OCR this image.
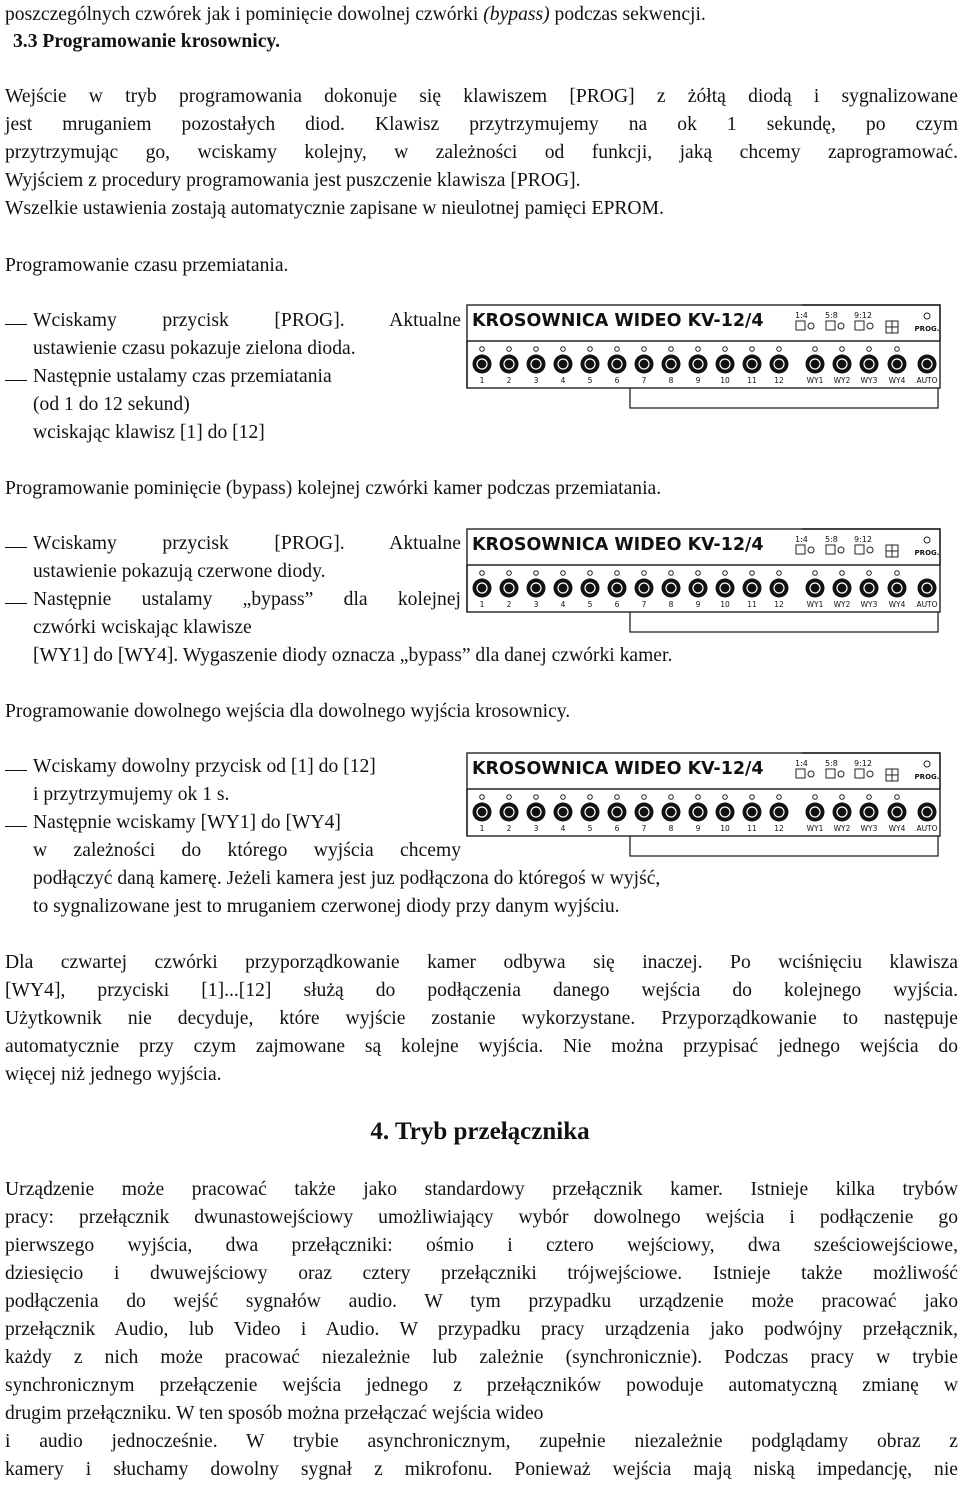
poszczególnych czwórek jak i pominięcie dowolnej czwórki (bypass) podczas sekwencji.
3.3 Programowanie krosownicy.
Wejście w tryb programowania dokonuje się klawiszem [PROG] z żółtą diodą i sygnalizowane
jest mruganiem pozostałych diod. Klawisz przytrzymujemy na ok 1 sekundę, po czym
przytrzymując go, wciskamy kolejny, w zależności od funkcji, jaką chcemy zaprogramować.
Wyjściem z procedury programowania jest puszczenie klawisza [PROG].
Wszelkie ustawienia zostają automatycznie zapisane w nieulotnej pamięci EPROM.
Programowanie czasu przemiatania.
Wciskamy przycisk [PROG]. Aktualne
ustawienie czasu pokazuje zielona dioda.
Następnie ustalamy czas przemiatania
(od 1 do 12 sekund)
wciskając klawisz [1] do [12]
KROSOWNICA WIDEO KV-12/4	1:4 5:8 9:12
PROG.
1	2	3	4	5	6	7	8	9	10 11 12	WY1 WY2 WY3 WY4 AUTO
Programowanie pominięcie (bypass) kolejnej czwórki kamer podczas przemiatania.
Wciskamy przycisk [PROG]. Aktualne
ustawienie pokazują czerwone diody.
Następnie ustalamy „bypass” dla kolejnej
czwórki wciskając klawisze
[WY1] do [WY4]. Wygaszenie diody oznacza „bypass” dla danej czwórki kamer.
KROSOWNICA WIDEO KV-12/4	1:4 5:8 9:12
PROG.
1	2	3	4	5	6	7	8	9	10 11 12	WY1 WY2 WY3 WY4 AUTO
Programowanie dowolnego wejścia dla dowolnego wyjścia krosownicy.
Wciskamy dowolny przycisk od [1] do [12]
i przytrzymujemy ok 1 s.
Następnie wciskamy [WY1] do [WY4]
w zależności do którego wyjścia chcemy
podłączyć daną kamerę. Jeżeli kamera jest juz podłączona do któregoś w wyjść,
to sygnalizowane jest to mruganiem czerwonej diody przy danym wyjściu.
KROSOWNICA WIDEO KV-12/4	1:4 5:8 9:12
PROG.
1	2	3	4	5	6	7	8	9	10 11 12	WY1 WY2 WY3 WY4 AUTO
Dla czwartej czwórki przyporządkowanie kamer odbywa się inaczej. Po wciśnięciu klawisza
[WY4], przyciski [1]...[12] służą do podłączenia danego wejścia do kolejnego wyjścia.
Użytkownik nie decyduje, które wyjście zostanie wykorzystane. Przyporządkowanie to następuje
automatycznie przy czym zajmowane są kolejne wyjścia. Nie można przypisać jednego wejścia do
więcej niż jednego wyjścia.
4. Tryb przełącznika
Urządzenie może pracować także jako standardowy przełącznik kamer. Istnieje kilka trybów
pracy: przełącznik dwunastowejściowy umożliwiający wybór dowolnego wejścia i podłączenie go
pierwszego wyjścia, dwa przełączniki: ośmio i cztero wejściowy, dwa sześciowejściowe,
dziesięcio i dwuwejściowy oraz cztery przełączniki trójwejściowe. Istnieje także możliwość
podłączenia do wejść sygnałów audio. W tym przypadku urządzenie może pracować jako
przełącznik Audio, lub Video i Audio. W przypadku pracy urządzenia jako podwójny przełącznik,
każdy z nich może pracować niezależnie lub zależnie (synchronicznie). Podczas pracy w trybie
synchronicznym przełączenie wejścia jednego z przełączników powoduje automatyczną zmianę w
drugim przełączniku. W ten sposób można przełączać wejścia wideo
i audio jednocześnie. W trybie asynchronicznym, zupełnie niezależnie podglądamy obraz z
kamery i słuchamy dowolny sygnał z mikrofonu. Ponieważ wejścia mają niską impedancję, nie
